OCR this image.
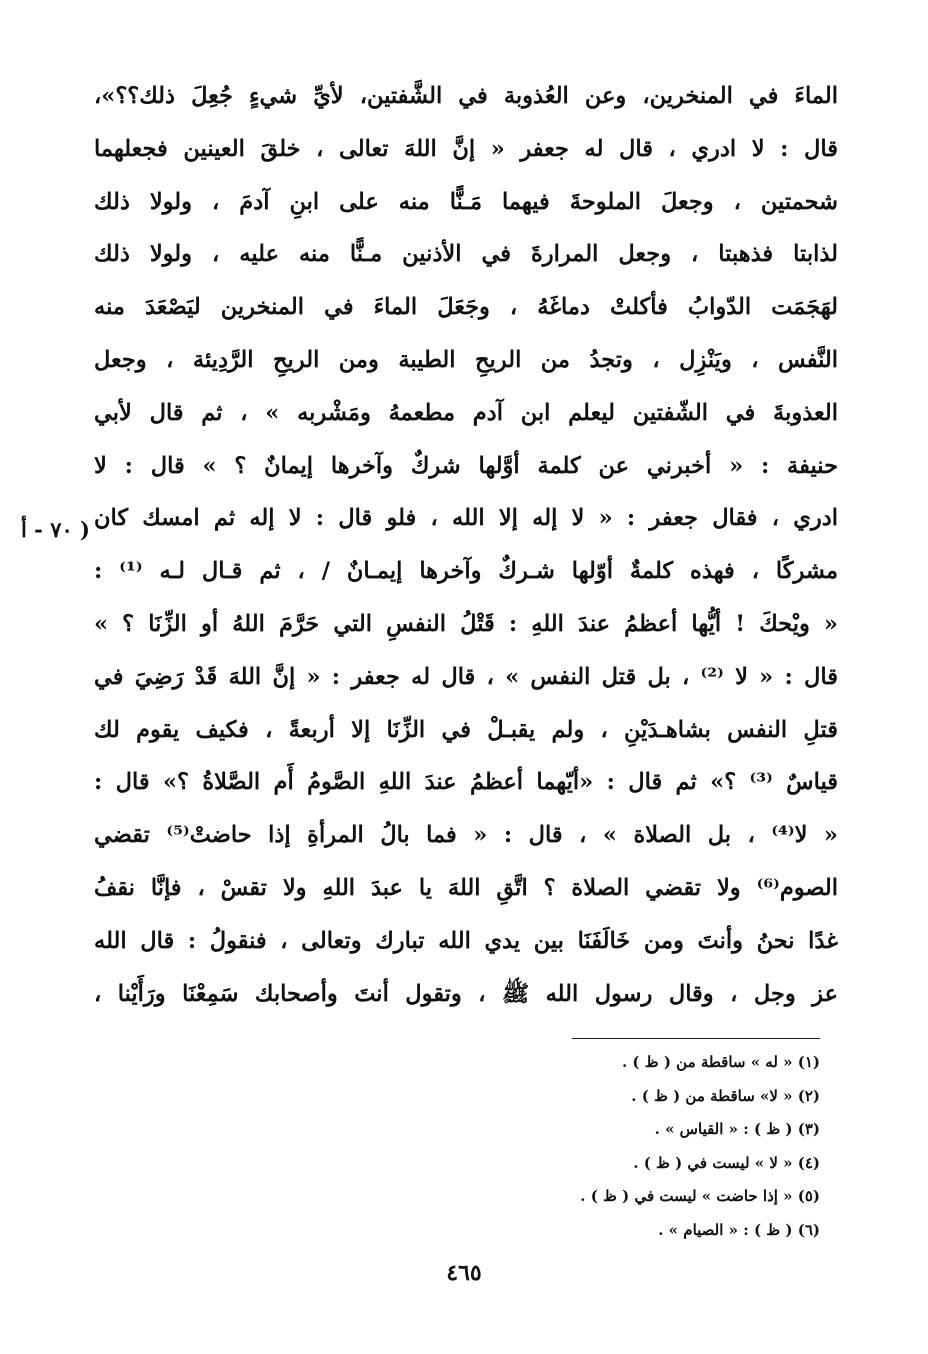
الماءَ في المنخرين، وعن العُذوبة في الشَّفتين، لأيِّ شيءٍ جُعِلَ ذلك؟؟»،
قال : لا ادري ، قال له جعفر « إنَّ اللهَ تعالى ، خلقَ العينين فجعلهما
شحمتين ، وجعلَ الملوحةَ فيهما مَـنًّا منه على ابنِ آدمَ ، ولولا ذلك
لذابتا فذهبتا ، وجعل المرارةَ في الأذنين مـنًّا منه عليه ، ولولا ذلك
لهَجَمَت الدّوابُ فأكلتْ دماغَهُ ، وجَعَلَ الماءَ في المنخرين ليَصْعَدَ منه
النَّفس ، ويَنْزِل ، وتجدُ من الريحِ الطيبة ومن الريحِ الرَّدِيئة ، وجعل
العذوبةَ في الشّفتين ليعلم ابن آدم مطعمهُ ومَشْربه » ، ثم قال لأبي
حنيفة : « أخبرني عن كلمة أوَّلها شركٌ وآخرها إيمانٌ ؟ » قال : لا
ادري ، فقال جعفر : « لا إله إلا الله ، فلو قال : لا إله ثم امسك كان
مشركًا ، فهذه كلمةٌ أوّلها شـركٌ وآخرها إيمـانٌ / ، ثم قـال لـه ⁽¹⁾ :
« ويْحكَ ! أيُّها أعظمُ عندَ اللهِ : قَتْلُ النفسِ التي حَرَّمَ اللهُ أو الزِّنَا ؟ »
قال : « لا ⁽²⁾ ، بل قتل النفس » ، قال له جعفر : « إنَّ اللهَ قَدْ رَضِيَ في
قتلِ النفس بشاهـدَيْنِ ، ولم يقبـلْ في الزِّنَا إلا أربعةً ، فكيف يقوم لك
قياسٌ ⁽³⁾ ؟» ثم قال : «أيّهما أعظمُ عندَ اللهِ الصَّومُ أَم الصَّلاةُ ؟» قال :
« لا⁽⁴⁾ ، بل الصلاة » ، قال : « فما بالُ المرأةِ إذا حاضتْ⁽⁵⁾ تقضي
الصوم⁽⁶⁾ ولا تقضي الصلاة ؟ اتَّقِ اللهَ يا عبدَ اللهِ ولا تقسْ ، فإنَّا نقفُ
غدًا نحنُ وأنتَ ومن خَالَفَنَا بين يدي الله تبارك وتعالى ، فنقولُ : قال الله
عز وجل ، وقال رسول الله ﷺ ، وتقول أنتَ وأصحابك سَمِعْنَا ورَأَيْنا ،
( ٧٠ - أ
(١) « له » ساقطة من ( ظ ) .
(٢) « لا» ساقطة من ( ظ ) .
(٣) ( ظ ) : « القياس » .
(٤) « لا » ليست في ( ظ ) .
(٥) « إذا حاضت » ليست في ( ظ ) .
(٦) ( ظ ) : « الصيام » .
٤٦٥
